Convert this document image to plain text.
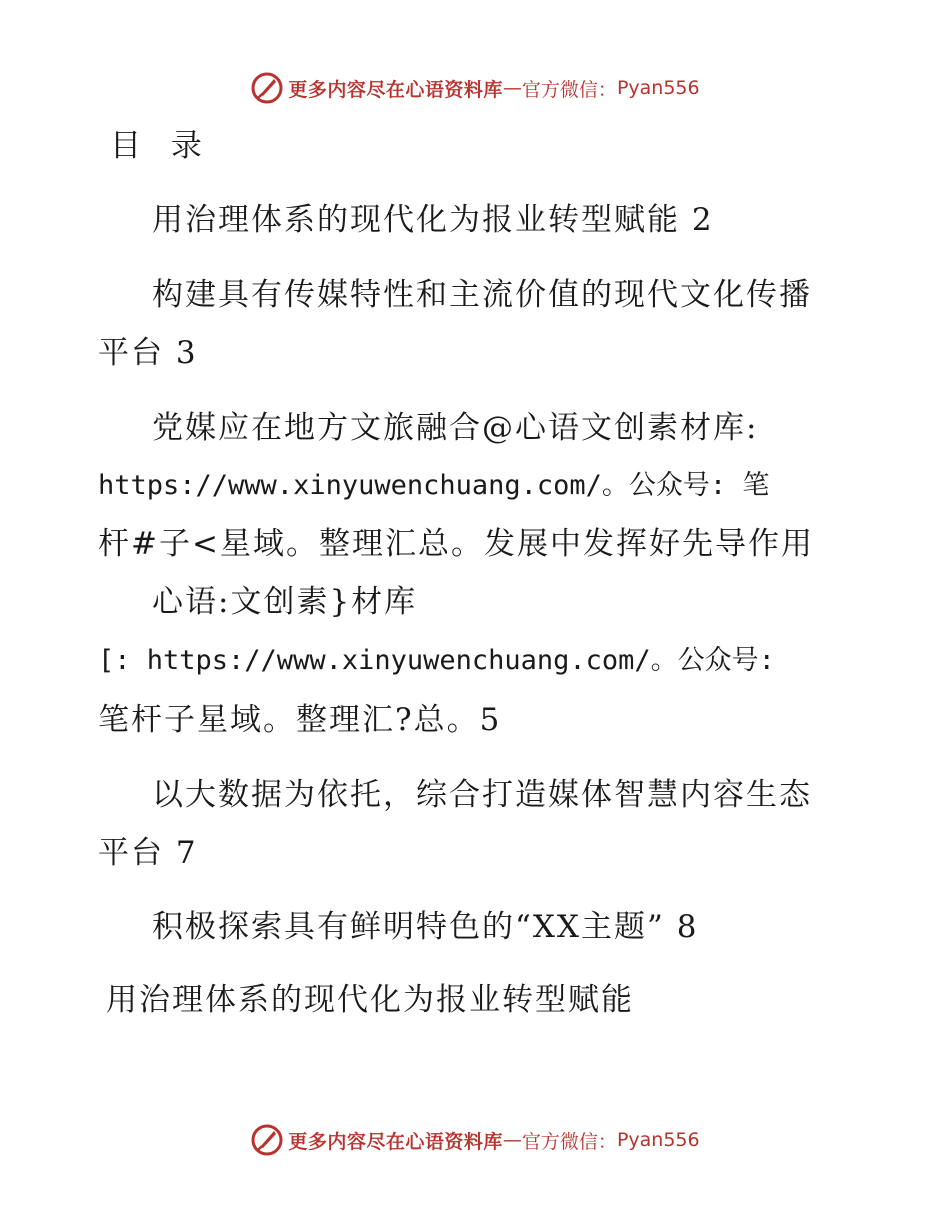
更多内容尽在心语资料库 — 官方微信： Pyan556
目 录
用治理体系的现代化为报业转型赋能 2
构建具有传媒特性和主流价值的现代文化传播
平台 3
党媒应在地方文旅融合@心语文创素材库:
https://www.xinyuwenchuang.com/。公众号: 笔
杆#子<星域。整理汇总。发展中发挥好先导作用
心语:文创素}材库
[: https://www.xinyuwenchuang.com/。公众号:
笔杆子星域。整理汇?总。5
以大数据为依托，综合打造媒体智慧内容生态
平台 7
积极探索具有鲜明特色的“XX主题” 8
用治理体系的现代化为报业转型赋能
更多内容尽在心语资料库 — 官方微信： Pyan556
